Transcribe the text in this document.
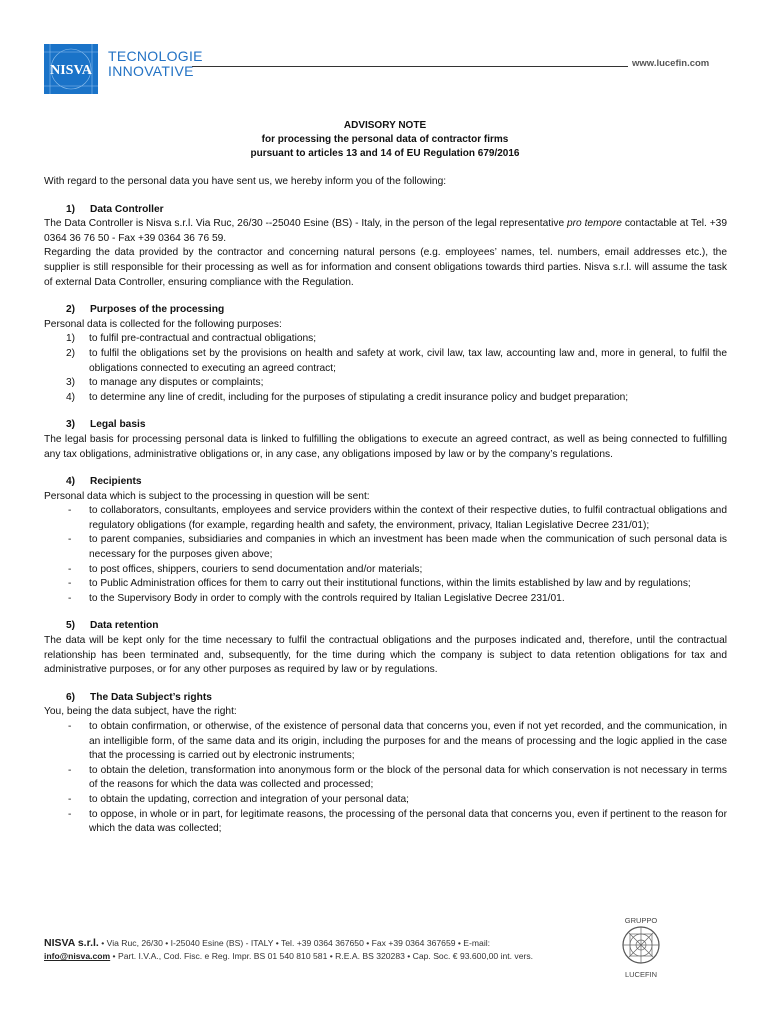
NISVA
TECNOLOGIE
INNOVATIVE	www.lucefin.com
ADVISORY NOTE
for processing the personal data of contractor firms
pursuant to articles 13 and 14 of EU Regulation 679/2016

With regard to the personal data you have sent us, we hereby inform you of the following:

1) Data Controller

The Data Controller is Nisva s.r.l. Via Ruc, 26/30 --25040 Esine (BS) - Italy, in the person of the legal representative pro tempore contactable at Tel. +39 0364 36 76 50 - Fax +39 0364 36 76 59.

Regarding the data provided by the contractor and concerning natural persons (e.g. employees’ names, tel. numbers, email addresses etc.), the supplier is still responsible for their processing as well as for information and consent obligations towards third parties. Nisva s.r.l. will assume the task of external Data Controller, ensuring compliance with the Regulation.

2) Purposes of the processing

Personal data is collected for the following purposes:

1) to fulfil pre-contractual and contractual obligations;
2) to fulfil the obligations set by the provisions on health and safety at work, civil law, tax law, accounting law and, more in general, to fulfil the obligations connected to executing an agreed contract;
3) to manage any disputes or complaints;
4) to determine any line of credit, including for the purposes of stipulating a credit insurance policy and budget preparation;
3) Legal basis

The legal basis for processing personal data is linked to fulfilling the obligations to execute an agreed contract, as well as being connected to fulfilling any tax obligations, administrative obligations or, in any case, any obligations imposed by law or by the company’s regulations.

4) Recipients

Personal data which is subject to the processing in question will be sent:

- to collaborators, consultants, employees and service providers within the context of their respective duties, to fulfil contractual obligations and regulatory obligations (for example, regarding health and safety, the environment, privacy, Italian Legislative Decree 231/01);
- to parent companies, subsidiaries and companies in which an investment has been made when the communication of such personal data is necessary for the purposes given above;
- to post offices, shippers, couriers to send documentation and/or materials;
- to Public Administration offices for them to carry out their institutional functions, within the limits established by law and by regulations;
- to the Supervisory Body in order to comply with the controls required by Italian Legislative Decree 231/01.
5) Data retention

The data will be kept only for the time necessary to fulfil the contractual obligations and the purposes indicated and, therefore, until the contractual relationship has been terminated and, subsequently, for the time during which the company is subject to data retention obligations for tax and administrative purposes, or for any other purposes as required by law or by regulations.

6) The Data Subject’s rights

You, being the data subject, have the right:

- to obtain confirmation, or otherwise, of the existence of personal data that concerns you, even if not yet recorded, and the communication, in an intelligible form, of the same data and its origin, including the purposes for and the means of processing and the logic applied in the case that the processing is carried out by electronic instruments;
- to obtain the deletion, transformation into anonymous form or the block of the personal data for which conservation is not necessary in terms of the reasons for which the data was collected and processed;
- to obtain the updating, correction and integration of your personal data;
- to oppose, in whole or in part, for legitimate reasons, the processing of the personal data that concerns you, even if pertinent to the reason for which the data was collected;
NISVA s.r.l. • Via Ruc, 26/30 • I-25040 Esine (BS) - ITALY • Tel. +39 0364 367650 • Fax +39 0364 367659 • E-mail:
info@nisva.com • Part. I.V.A., Cod. Fisc. e Reg. Impr. BS 01 540 810 581 • R.E.A. BS 320283 • Cap. Soc. € 93.600,00 int. vers.
GRUPPO
LUCEFIN
